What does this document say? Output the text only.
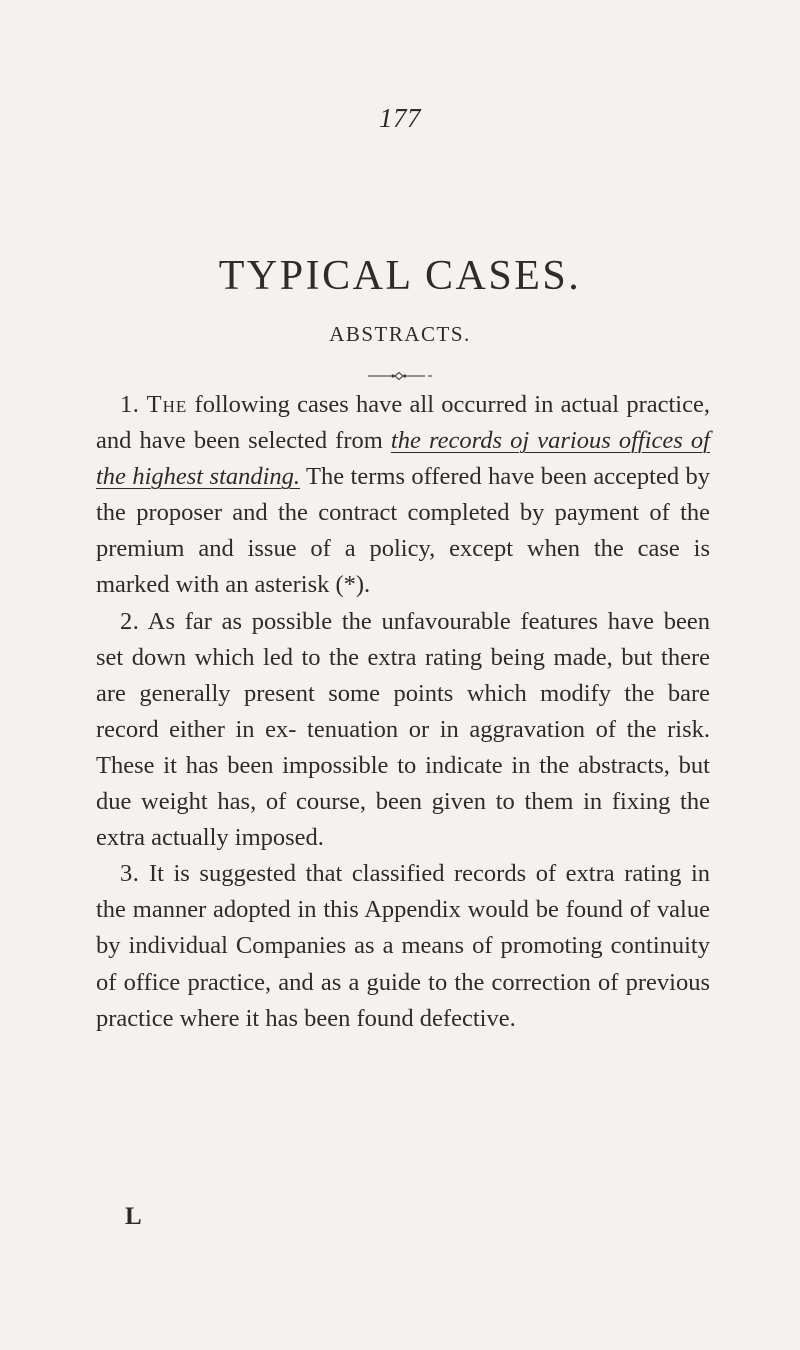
177
TYPICAL CASES.
ABSTRACTS.

1. The following cases have all occurred in actual practice, and have been selected from the records oj various offices of the highest standing. The terms offered have been accepted by the proposer and the contract completed by payment of the premium and issue of a policy, except when the case is marked with an asterisk (*).

2. As far as possible the unfavourable features have been set down which led to the extra rating being made, but there are generally present some points which modify the bare record either in ex- tenuation or in aggravation of the risk. These it has been impossible to indicate in the abstracts, but due weight has, of course, been given to them in fixing the extra actually imposed.

3. It is suggested that classified records of extra rating in the manner adopted in this Appendix would be found of value by individual Companies as a means of promoting continuity of office practice, and as a guide to the correction of previous practice where it has been found defective.

L
